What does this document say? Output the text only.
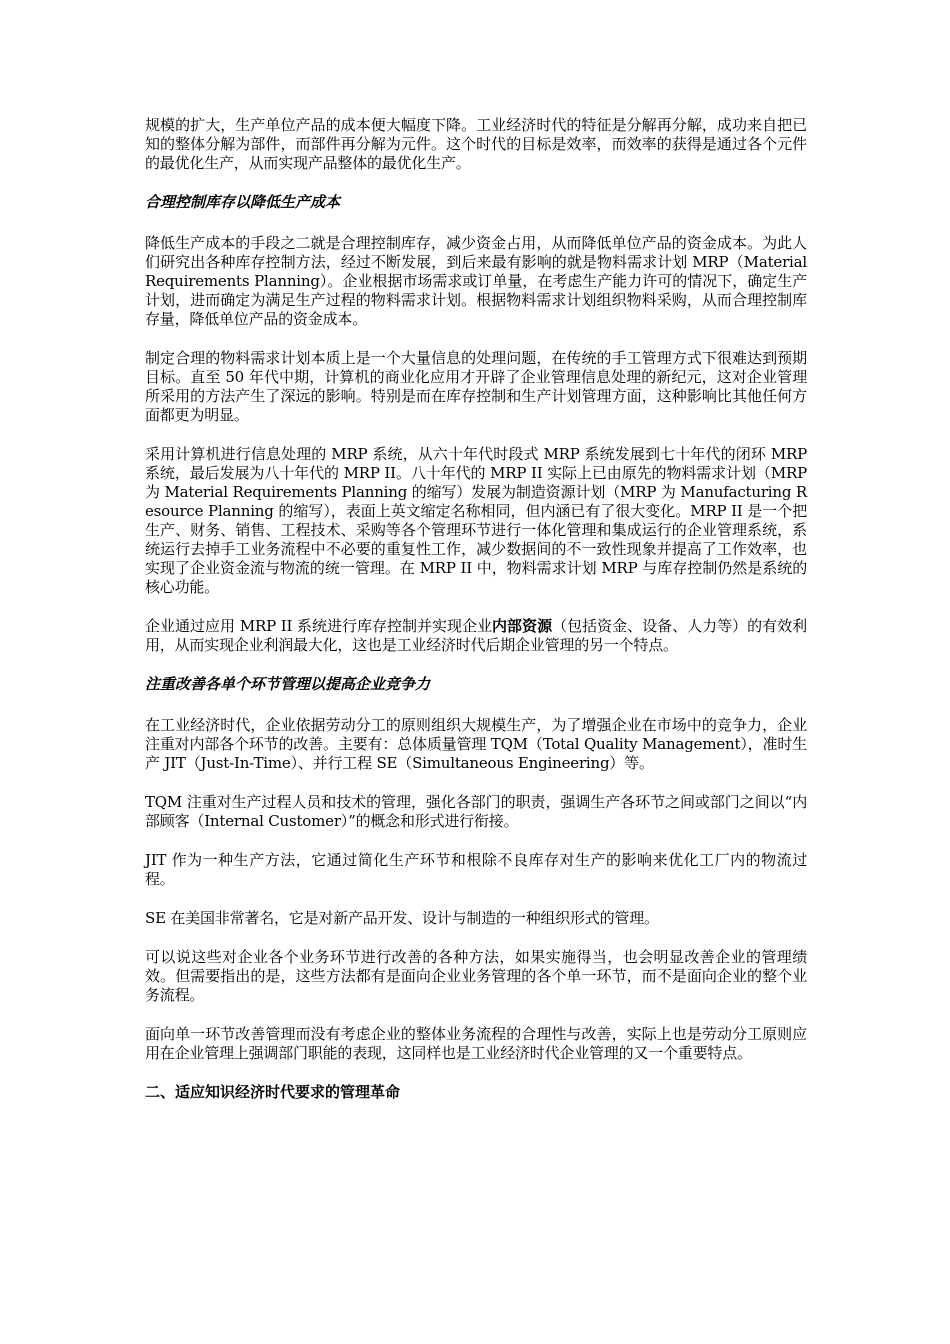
规模的扩大，生产单位产品的成本便大幅度下降。工业经济时代的特征是分解再分解，成功来自把已知的整体分解为部件，而部件再分解为元件。这个时代的目标是效率，而效率的获得是通过各个元件的最优化生产，从而实现产品整体的最优化生产。

合理控制库存以降低生产成本

降低生产成本的手段之二就是合理控制库存，减少资金占用，从而降低单位产品的资金成本。为此人们研究出各种库存控制方法，经过不断发展，到后来最有影响的就是物料需求计划 MRP（Material Requirements Planning）。企业根据市场需求或订单量，在考虑生产能力许可的情况下，确定生产计划，进而确定为满足生产过程的物料需求计划。根据物料需求计划组织物料采购，从而合理控制库存量，降低单位产品的资金成本。

制定合理的物料需求计划本质上是一个大量信息的处理问题，在传统的手工管理方式下很难达到预期目标。直至 50 年代中期，计算机的商业化应用才开辟了企业管理信息处理的新纪元，这对企业管理所采用的方法产生了深远的影响。特别是而在库存控制和生产计划管理方面，这种影响比其他任何方面都更为明显。

采用计算机进行信息处理的 MRP 系统，从六十年代时段式 MRP 系统发展到七十年代的闭环 MRP 系统，最后发展为八十年代的 MRP II。八十年代的 MRP II 实际上已由原先的物料需求计划（MRP 为 Material Requirements Planning 的缩写）发展为制造资源计划（MRP 为 Manufacturing Resource Planning 的缩写），表面上英文缩定名称相同，但内涵已有了很大变化。MRP II 是一个把生产、财务、销售、工程技术、采购等各个管理环节进行一体化管理和集成运行的企业管理系统，系统运行去掉手工业务流程中不必要的重复性工作，减少数据间的不一致性现象并提高了工作效率，也实现了企业资金流与物流的统一管理。在 MRP II 中，物料需求计划 MRP 与库存控制仍然是系统的核心功能。

企业通过应用 MRP II 系统进行库存控制并实现企业内部资源（包括资金、设备、人力等）的有效利用，从而实现企业利润最大化，这也是工业经济时代后期企业管理的另一个特点。

注重改善各单个环节管理以提高企业竞争力

在工业经济时代，企业依据劳动分工的原则组织大规模生产，为了增强企业在市场中的竞争力，企业注重对内部各个环节的改善。主要有：总体质量管理 TQM（Total Quality Management），准时生产 JIT（Just-In-Time）、并行工程 SE（Simultaneous Engineering）等。

TQM 注重对生产过程人员和技术的管理，强化各部门的职责，强调生产各环节之间或部门之间以“内部顾客（Internal Customer）”的概念和形式进行衔接。

JIT 作为一种生产方法，它通过简化生产环节和根除不良库存对生产的影响来优化工厂内的物流过程。

SE 在美国非常著名，它是对新产品开发、设计与制造的一种组织形式的管理。

可以说这些对企业各个业务环节进行改善的各种方法，如果实施得当，也会明显改善企业的管理绩效。但需要指出的是，这些方法都有是面向企业业务管理的各个单一环节，而不是面向企业的整个业务流程。

面向单一环节改善管理而没有考虑企业的整体业务流程的合理性与改善，实际上也是劳动分工原则应用在企业管理上强调部门职能的表现，这同样也是工业经济时代企业管理的又一个重要特点。

二、适应知识经济时代要求的管理革命
